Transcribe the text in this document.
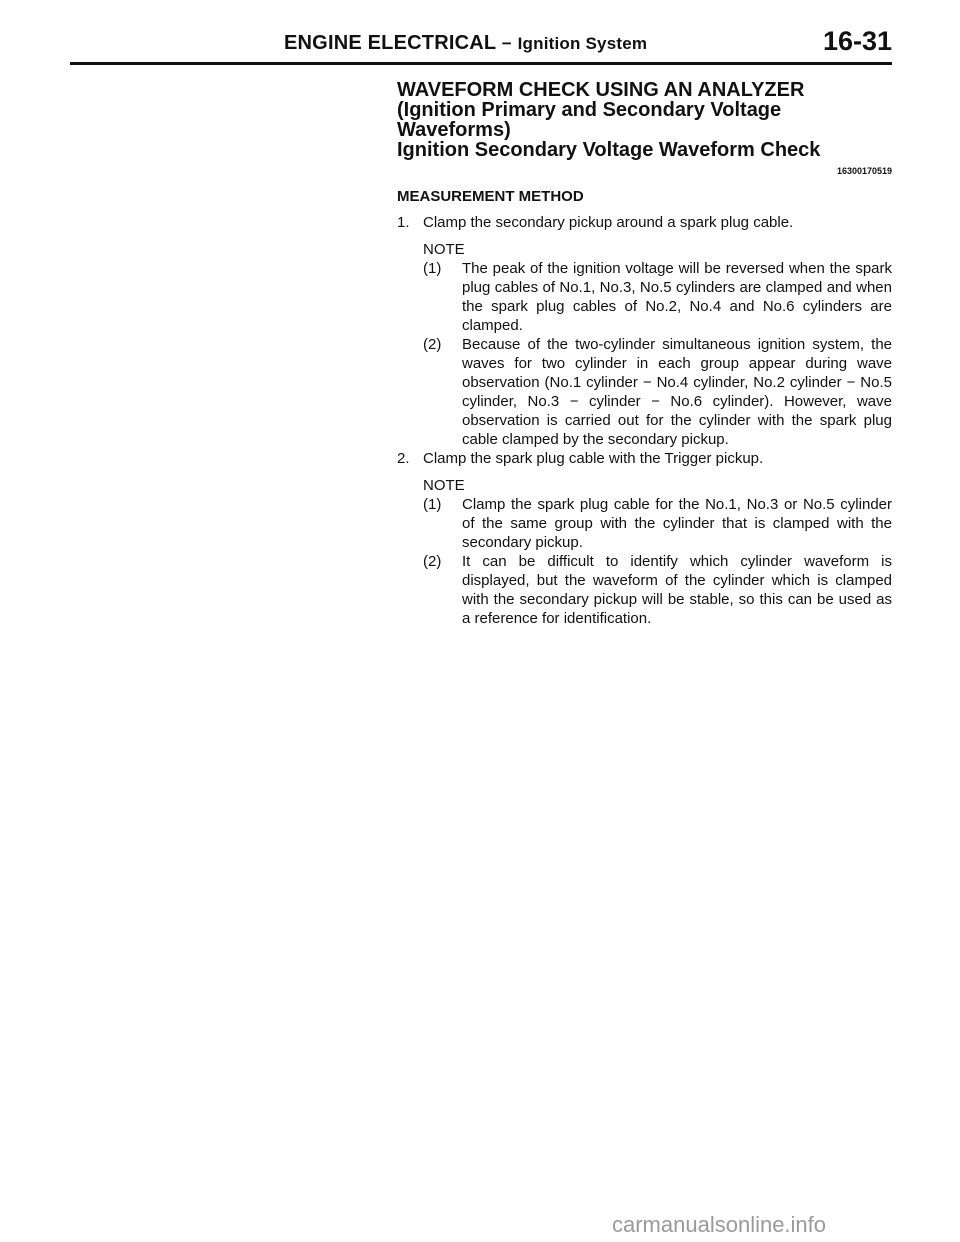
ENGINE ELECTRICAL − Ignition System	16-31

WAVEFORM CHECK USING AN ANALYZER

(Ignition Primary and Secondary Voltage

Waveforms)

Ignition Secondary Voltage Waveform Check

16300170519
MEASUREMENT METHOD
1. Clamp the secondary pickup around a spark plug cable.
NOTE
(1) The peak of the ignition voltage will be reversed when the spark plug cables of No.1, No.3, No.5 cylinders are clamped and when the spark plug cables of No.2, No.4 and No.6 cylinders are clamped.
(2) Because of the two-cylinder simultaneous ignition system, the waves for two cylinder in each group appear during wave observation (No.1 cylinder − No.4 cylinder, No.2 cylinder − No.5 cylinder, No.3 − cylinder − No.6 cylinder). However, wave observation is carried out for the cylinder with the spark plug cable clamped by the secondary pickup.
2. Clamp the spark plug cable with the Trigger pickup.
NOTE
(1) Clamp the spark plug cable for the No.1, No.3 or No.5 cylinder of the same group with the cylinder that is clamped with the secondary pickup.
(2) It can be difficult to identify which cylinder waveform is displayed, but the waveform of the cylinder which is clamped with the secondary pickup will be stable, so this can be used as a reference for identification.
carmanualsonline.info
